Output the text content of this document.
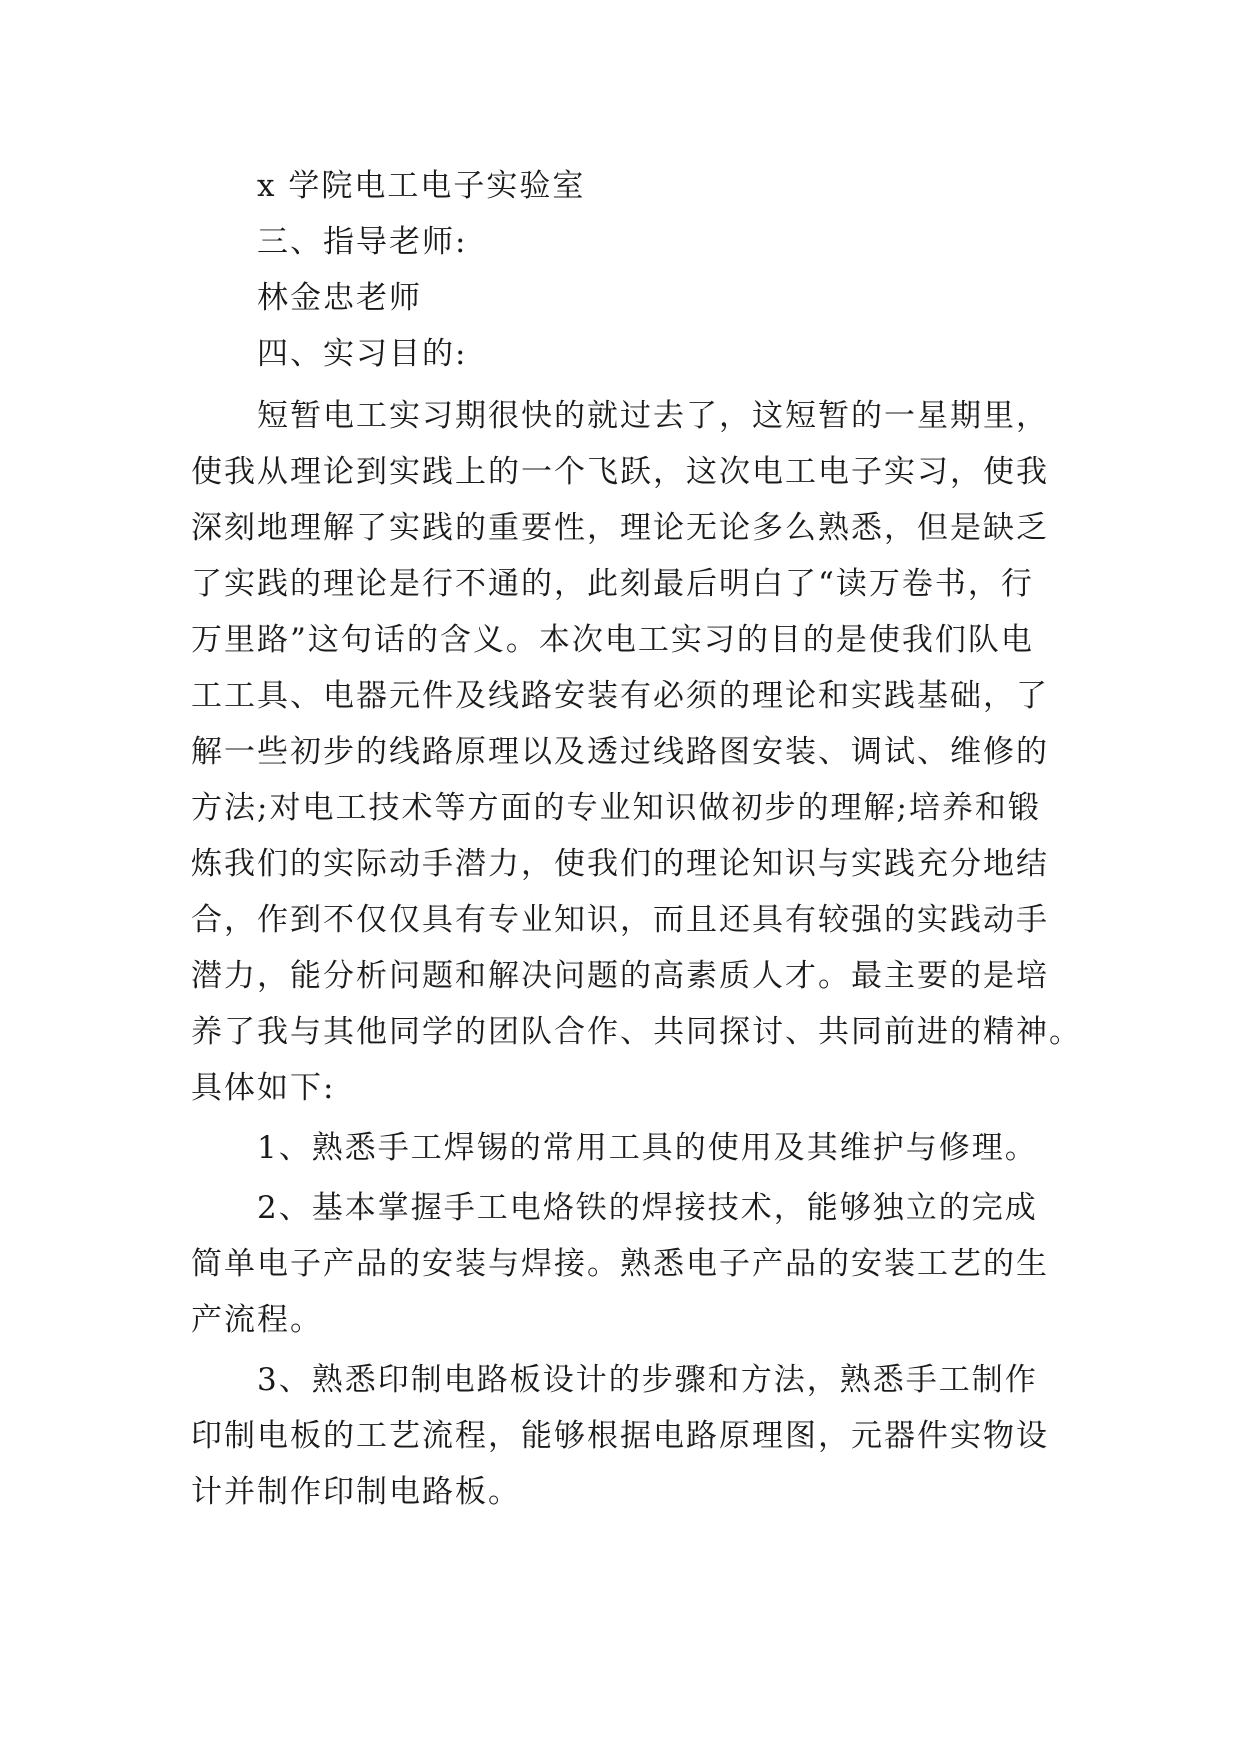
x 学院电工电子实验室
三、指导老师:
林金忠老师
四、实习目的:
短暂电工实习期很快的就过去了，这短暂的一星期里，
使我从理论到实践上的一个飞跃，这次电工电子实习，使我
深刻地理解了实践的重要性，理论无论多么熟悉，但是缺乏
了实践的理论是行不通的，此刻最后明白了“读万卷书，行
万里路”这句话的含义。本次电工实习的目的是使我们队电
工工具、电器元件及线路安装有必须的理论和实践基础，了
解一些初步的线路原理以及透过线路图安装、调试、维修的
方法;对电工技术等方面的专业知识做初步的理解;培养和锻
炼我们的实际动手潜力，使我们的理论知识与实践充分地结
合，作到不仅仅具有专业知识，而且还具有较强的实践动手
潜力，能分析问题和解决问题的高素质人才。最主要的是培
养了我与其他同学的团队合作、共同探讨、共同前进的精神。
具体如下:
1、熟悉手工焊锡的常用工具的使用及其维护与修理。
2、基本掌握手工电烙铁的焊接技术，能够独立的完成
简单电子产品的安装与焊接。熟悉电子产品的安装工艺的生
产流程。
3、熟悉印制电路板设计的步骤和方法，熟悉手工制作
印制电板的工艺流程，能够根据电路原理图，元器件实物设
计并制作印制电路板。
